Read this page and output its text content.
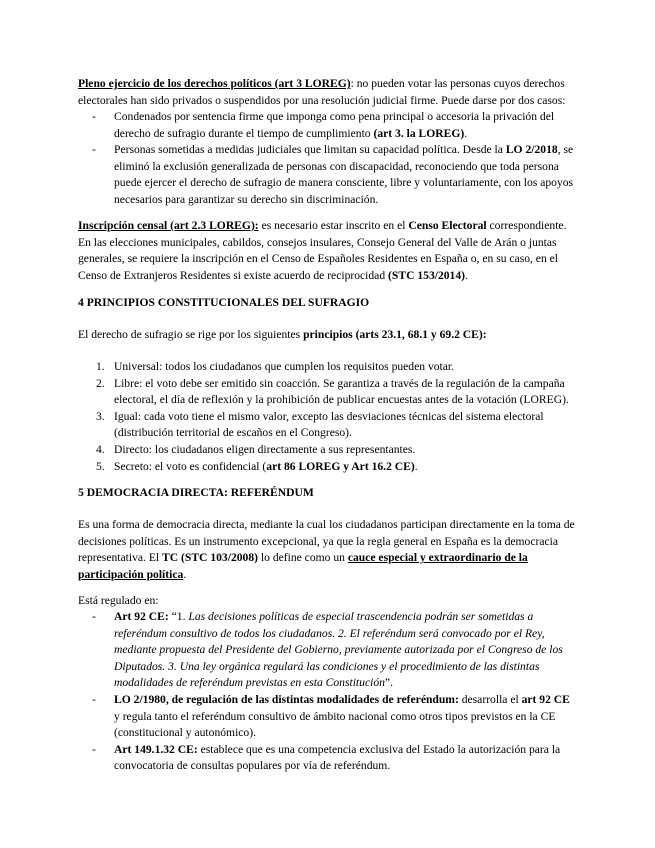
Pleno ejercicio de los derechos políticos (art 3 LOREG): no pueden votar las personas cuyos derechos electorales han sido privados o suspendidos por una resolución judicial firme. Puede darse por dos casos:

-	Condenados por sentencia firme que imponga como pena principal o accesoria la privación del derecho de sufragio durante el tiempo de cumplimiento (art 3. la LOREG).
-	Personas sometidas a medidas judiciales que limitan su capacidad política. Desde la LO 2/2018, se eliminó la exclusión generalizada de personas con discapacidad, reconociendo que toda persona puede ejercer el derecho de sufragio de manera consciente, libre y voluntariamente, con los apoyos necesarios para garantizar su derecho sin discriminación.

Inscripción censal (art 2.3 LOREG): es necesario estar inscrito en el Censo Electoral correspondiente. En las elecciones municipales, cabildos, consejos insulares, Consejo General del Valle de Arán o juntas generales, se requiere la inscripción en el Censo de Españoles Residentes en España o, en su caso, en el Censo de Extranjeros Residentes si existe acuerdo de reciprocidad (STC 153/2014).

4 PRINCIPIOS CONSTITUCIONALES DEL SUFRAGIO

El derecho de sufragio se rige por los siguientes principios (arts 23.1, 68.1 y 69.2 CE):

1. Universal: todos los ciudadanos que cumplen los requisitos pueden votar.
2. Libre: el voto debe ser emitido sin coacción. Se garantiza a través de la regulación de la campaña electoral, el día de reflexión y la prohibición de publicar encuestas antes de la votación (LOREG).
3. Igual: cada voto tiene el mismo valor, excepto las desviaciones técnicas del sistema electoral (distribución territorial de escaños en el Congreso).
4. Directo: los ciudadanos eligen directamente a sus representantes.
5. Secreto: el voto es confidencial (art 86 LOREG y Art 16.2 CE).
5 DEMOCRACIA DIRECTA: REFERÉNDUM

Es una forma de democracia directa, mediante la cual los ciudadanos participan directamente en la toma de decisiones políticas. Es un instrumento excepcional, ya que la regla general en España es la democracia representativa. El TC (STC 103/2008) lo define como un cauce especial y extraordinario de la participación política.

Está regulado en:

-	Art 92 CE: “1. Las decisiones políticas de especial trascendencia podrán ser sometidas a referéndum consultivo de todos los ciudadanos. 2. El referéndum será convocado por el Rey, mediante propuesta del Presidente del Gobierno, previamente autorizada por el Congreso de los Diputados. 3. Una ley orgánica regulará las condiciones y el procedimiento de las distintas modalidades de referéndum previstas en esta Constitución”.
-	LO 2/1980, de regulación de las distintas modalidades de referéndum: desarrolla el art 92 CE y regula tanto el referéndum consultivo de ámbito nacional como otros tipos previstos en la CE (constitucional y autonómico).
-	Art 149.1.32 CE: establece que es una competencia exclusiva del Estado la autorización para la convocatoria de consultas populares por vía de referéndum.
